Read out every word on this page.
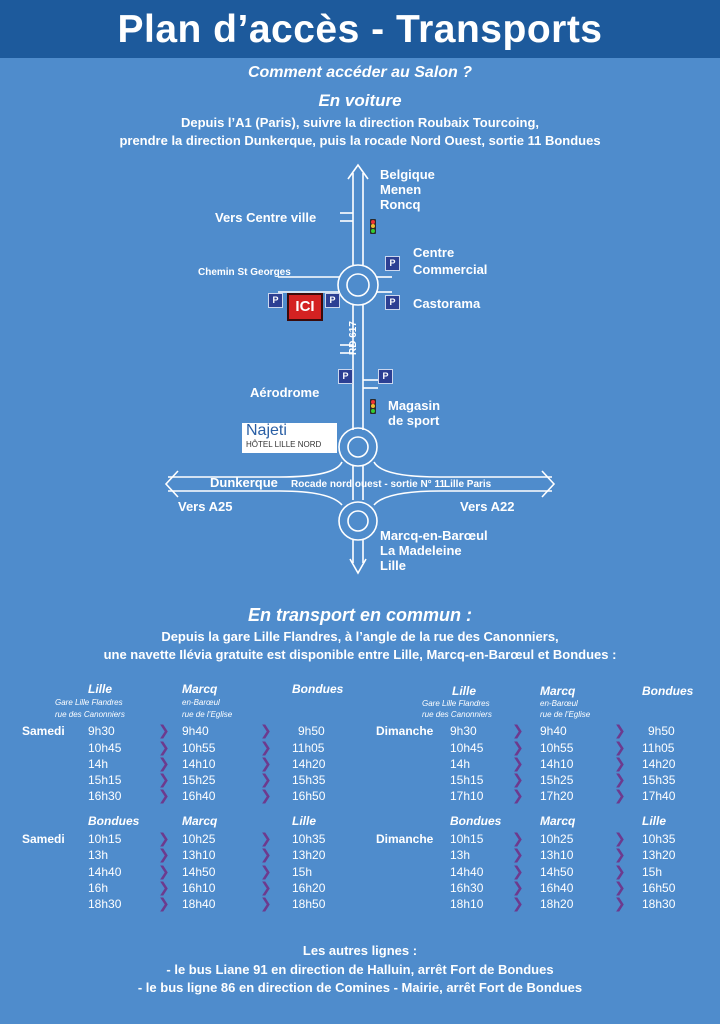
Plan d’accès - Transports
Comment accéder au Salon ?
En voiture
Depuis l’A1 (Paris), suivre la direction Roubaix Tourcoing,
prendre la direction Dunkerque, puis la rocade Nord Ouest, sortie 11 Bondues
Belgique
Menen
Roncq
Vers Centre ville
Centre
Commercial
P
Chemin St Georges
P	ICI	P	P	Castorama
RD 617
P	P
Aérodrome
Magasin
de sport
Najeti
HÔTEL LILLE NORD
Dunkerque Rocade nord ouest - sortie N° 11
Lille Paris
Vers A25	Vers A22
Marcq-en-Barœul
La Madeleine
Lille
En transport en commun :
Depuis la gare Lille Flandres, à l’angle de la rue des Canonniers,
une navette Ilévia gratuite est disponible entre Lille, Marcq-en-Barœul et Bondues :
Lille	Marcq	Bondues
Gare Lille Flandres
rue des Canonniers
en-Barœul
rue de l’Eglise
Samedi 9h30	❯ 9h40	❯ 9h50
10h45	❯ 10h55	❯ 11h05
14h	❯ 14h10	❯ 14h20
15h15	❯ 15h25	❯ 15h35
16h30	❯ 16h40	❯ 16h50
Lille	Marcq	Bondues
Gare Lille Flandres
rue des Canonniers
en-Barœul
rue de l’Eglise
Dimanche 9h30	❯ 9h40	❯ 9h50
10h45 ❯ 10h55	❯ 11h05
14h	❯ 14h10	❯ 14h20
15h15 ❯ 15h25	❯ 15h35
17h10 ❯ 17h20	❯ 17h40
Bondues	Marcq	Lille
Samedi 10h15	❯ 10h25	❯ 10h35
13h	❯ 13h10	❯ 13h20
14h40	❯ 14h50	❯ 15h
16h	❯ 16h10	❯ 16h20
18h30	❯ 18h40	❯ 18h50
Bondues	Marcq	Lille
Dimanche 10h15 ❯ 10h25	❯ 10h35
13h	❯ 13h10	❯ 13h20
14h40 ❯ 14h50	❯ 15h
16h30 ❯ 16h40	❯ 16h50
18h10 ❯ 18h20	❯ 18h30
Les autres lignes :
- le bus Liane 91 en direction de Halluin, arrêt Fort de Bondues
- le bus ligne 86 en direction de Comines - Mairie, arrêt Fort de Bondues
